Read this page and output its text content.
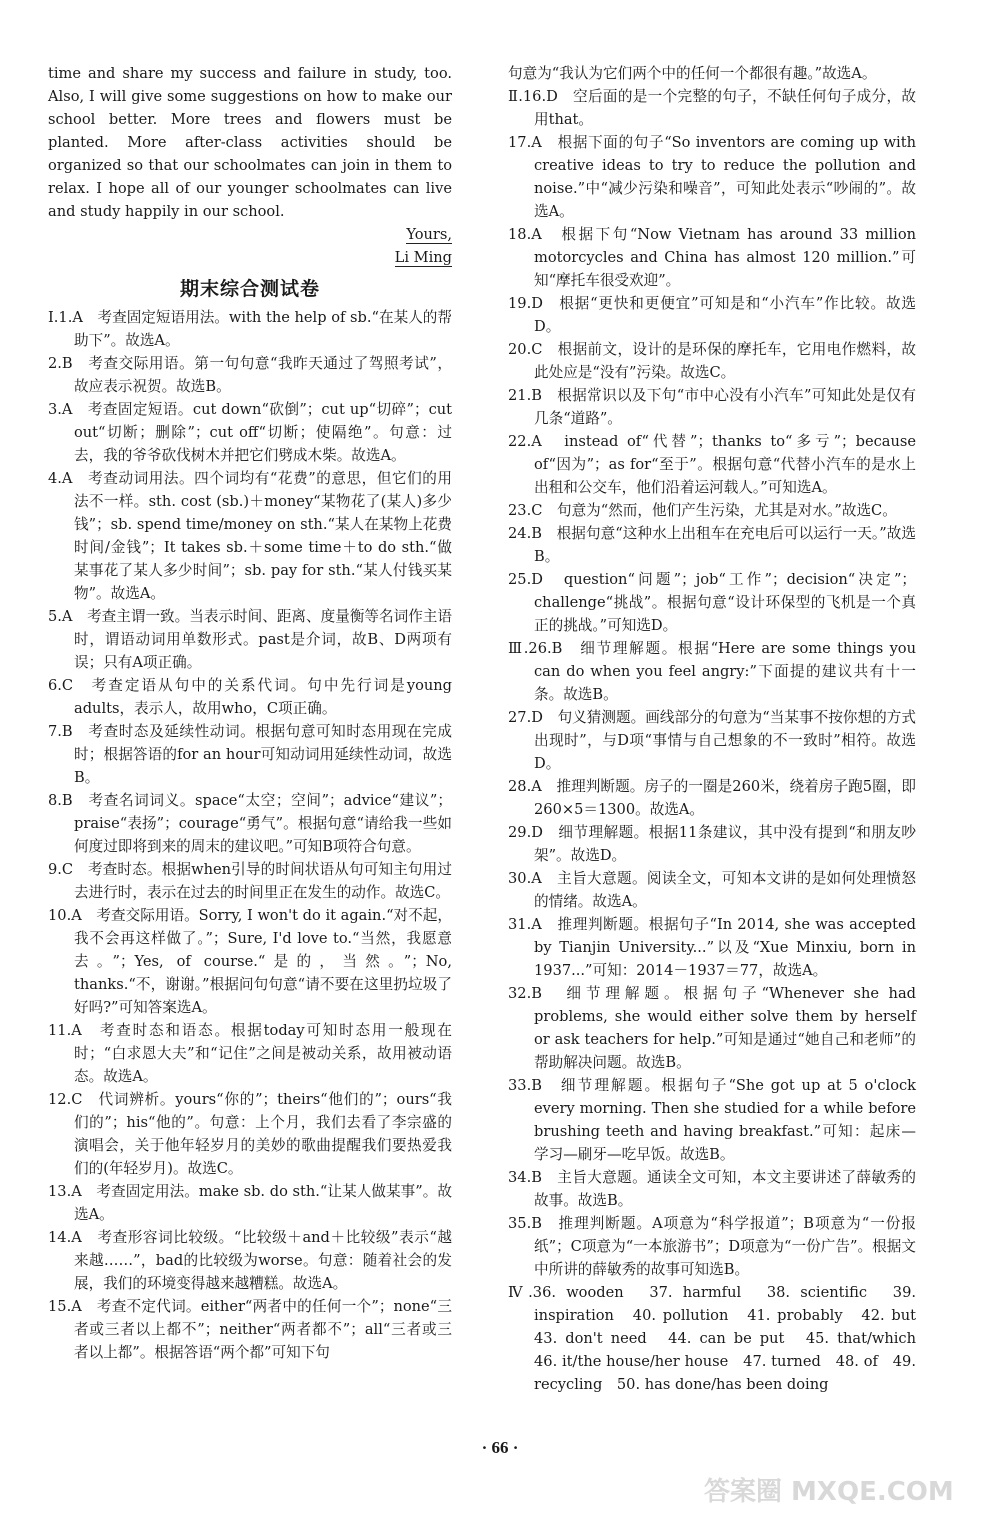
time and share my success and failure in study, too. Also, I will give some suggestions on how to make our school better. More trees and flowers must be planted. More after-class activities should be organized so that our schoolmates can join in them to relax. I hope all of our younger schoolmates can live and study happily in our school.

Yours,

Li Ming

期末综合测试卷

Ⅰ.1.A　考查固定短语用法。with the help of sb.“在某人的帮助下”。故选A。

2.B　考查交际用语。第一句句意“我昨天通过了驾照考试”，故应表示祝贺。故选B。

3.A　考查固定短语。cut down“砍倒”；cut up“切碎”；cut out“切断；删除”；cut off“切断；使隔绝”。句意：过去，我的爷爷砍伐树木并把它们劈成木柴。故选A。

4.A　考查动词用法。四个词均有“花费”的意思，但它们的用法不一样。sth. cost (sb.)＋money“某物花了(某人)多少钱”；sb. spend time/money on sth.“某人在某物上花费时间/金钱”；It takes sb.＋some time＋to do sth.“做某事花了某人多少时间”；sb. pay for sth.“某人付钱买某物”。故选A。

5.A　考查主谓一致。当表示时间、距离、度量衡等名词作主语时，谓语动词用单数形式。past是介词，故B、D两项有误；只有A项正确。

6.C　考查定语从句中的关系代词。句中先行词是young adults，表示人，故用who，C项正确。

7.B　考查时态及延续性动词。根据句意可知时态用现在完成时；根据答语的for an hour可知动词用延续性动词，故选B。

8.B　考查名词词义。space“太空；空间”；advice“建议”；praise“表扬”；courage“勇气”。根据句意“请给我一些如何度过即将到来的周末的建议吧。”可知B项符合句意。

9.C　考查时态。根据when引导的时间状语从句可知主句用过去进行时，表示在过去的时间里正在发生的动作。故选C。

10.A　考查交际用语。Sorry, I won't do it again.“对不起，我不会再这样做了。”；Sure, I'd love to.“当然，我愿意去。”；Yes, of course.“是的，当然。”；No, thanks.“不，谢谢。”根据问句句意“请不要在这里扔垃圾了好吗?”可知答案选A。

11.A　考查时态和语态。根据today可知时态用一般现在时；“白求恩大夫”和“记住”之间是被动关系，故用被动语态。故选A。

12.C　代词辨析。yours“你的”；theirs“他们的”；ours“我们的”；his“他的”。句意：上个月，我们去看了李宗盛的演唱会，关于他年轻岁月的美妙的歌曲提醒我们要热爱我们的(年轻岁月)。故选C。

13.A　考查固定用法。make sb. do sth.“让某人做某事”。故选A。

14.A　考查形容词比较级。“比较级＋and＋比较级”表示“越来越……”，bad的比较级为worse。句意：随着社会的发展，我们的环境变得越来越糟糕。故选A。

15.A　考查不定代词。either“两者中的任何一个”；none“三者或三者以上都不”；neither“两者都不”；all“三者或三者以上都”。根据答语“两个都”可知下句

句意为“我认为它们两个中的任何一个都很有趣。”故选A。

Ⅱ.16.D　空后面的是一个完整的句子，不缺任何句子成分，故用that。

17.A　根据下面的句子“So inventors are coming up with creative ideas to try to reduce the pollution and noise.”中“减少污染和噪音”，可知此处表示“吵闹的”。故选A。

18.A　根据下句“Now Vietnam has around 33 million motorcycles and China has almost 120 million.”可知“摩托车很受欢迎”。

19.D　根据“更快和更便宜”可知是和“小汽车”作比较。故选D。

20.C　根据前文，设计的是环保的摩托车，它用电作燃料，故此处应是“没有”污染。故选C。

21.B　根据常识以及下句“市中心没有小汽车”可知此处是仅有几条“道路”。

22.A　instead of“代替”；thanks to“多亏”；because of“因为”；as for“至于”。根据句意“代替小汽车的是水上出租和公交车，他们沿着运河载人。”可知选A。

23.C　句意为“然而，他们产生污染，尤其是对水。”故选C。

24.B　根据句意“这种水上出租车在充电后可以运行一天。”故选B。

25.D　question“问题”；job“工作”；decision“决定”；challenge“挑战”。根据句意“设计环保型的飞机是一个真正的挑战。”可知选D。

Ⅲ.26.B　细节理解题。根据“Here are some things you can do when you feel angry:”下面提的建议共有十一条。故选B。

27.D　句义猜测题。画线部分的句意为“当某事不按你想的方式出现时”，与D项“事情与自己想象的不一致时”相符。故选D。

28.A　推理判断题。房子的一圈是260米，绕着房子跑5圈，即260×5＝1300。故选A。

29.D　细节理解题。根据11条建议，其中没有提到“和朋友吵架”。故选D。

30.A　主旨大意题。阅读全文，可知本文讲的是如何处理愤怒的情绪。故选A。

31.A　推理判断题。根据句子“In 2014, she was accepted by Tianjin University...”以及“Xue Minxiu, born in 1937...”可知：2014－1937＝77，故选A。

32.B　细节理解题。根据句子“Whenever she had problems, she would either solve them by herself or ask teachers for help.”可知是通过“她自己和老师”的帮助解决问题。故选B。

33.B　细节理解题。根据句子“She got up at 5 o'clock every morning. Then she studied for a while before brushing teeth and having breakfast.”可知：起床—学习—刷牙—吃早饭。故选B。

34.B　主旨大意题。通读全文可知，本文主要讲述了薛敏秀的故事。故选B。

35.B　推理判断题。A项意为“科学报道”；B项意为“一份报纸”；C项意为“一本旅游书”；D项意为“一份广告”。根据文中所讲的薛敏秀的故事可知选B。

Ⅳ.36. wooden　37. harmful　38. scientific　39. inspiration　40. pollution　41. probably　42. but　43. don't need　44. can be put　45. that/which　46. it/the house/her house　47. turned　48. of　49. recycling　50. has done/has been doing

· 66 ·
答案圈 MXQE.COM
